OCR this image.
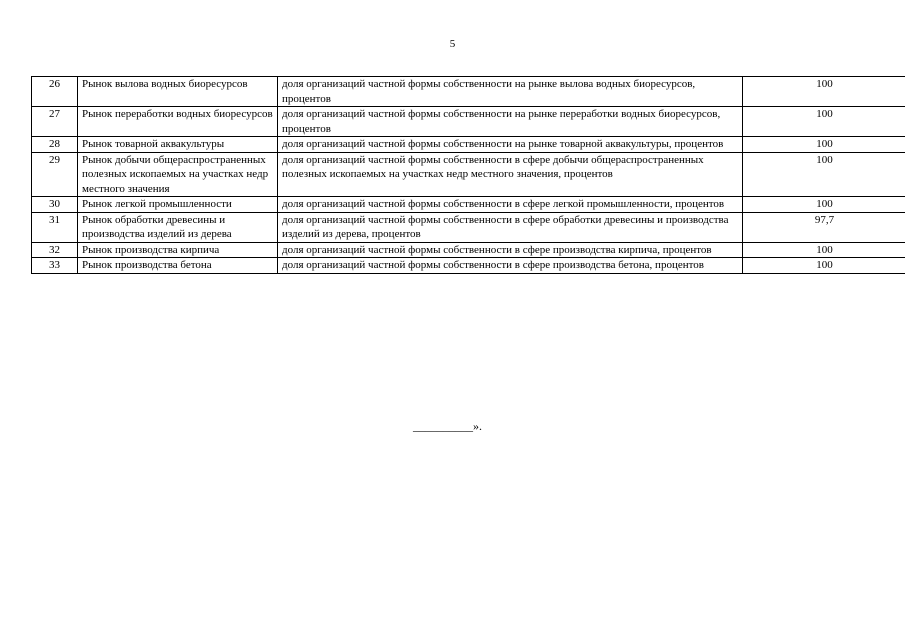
5
26	Рынок вылова водных биоресурсов	доля организаций частной формы собственности на рынке вылова водных биоресурсов, процентов	100
27	Рынок переработки водных биоресурсов	доля организаций частной формы собственности на рынке переработки водных биоресурсов, процентов	100
28	Рынок товарной аквакультуры	доля организаций частной формы собственности на рынке товарной аквакультуры, процентов	100
29	Рынок добычи общераспространенных полезных ископаемых на участках недр местного значения	доля организаций частной формы собственности в сфере добычи общераспространенных полезных ископаемых на участках недр местного значения, процентов	100
30	Рынок легкой промышленности	доля организаций частной формы собственности в сфере легкой промышленности, процентов	100
31	Рынок обработки древесины и производства изделий из дерева	доля организаций частной формы собственности в сфере обработки древесины и производства изделий из дерева, процентов	97,7
32	Рынок производства кирпича	доля организаций частной формы собственности в сфере производства кирпича, процентов	100
33	Рынок производства бетона	доля организаций частной формы собственности в сфере производства бетона, процентов	100
__________».
